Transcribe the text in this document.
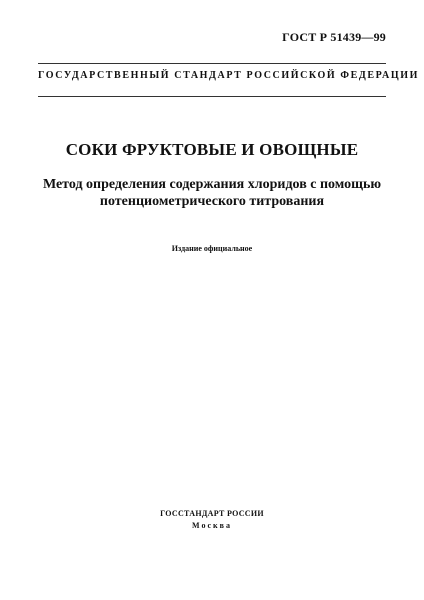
ГОСТ Р 51439—99
ГОСУДАРСТВЕННЫЙ СТАНДАРТ РОССИЙСКОЙ ФЕДЕРАЦИИ
СОКИ ФРУКТОВЫЕ И ОВОЩНЫЕ
Метод определения содержания хлоридов с помощью
потенциометрического титрования
Издание официальное
ГОССТАНДАРТ РОССИИ
Москва
